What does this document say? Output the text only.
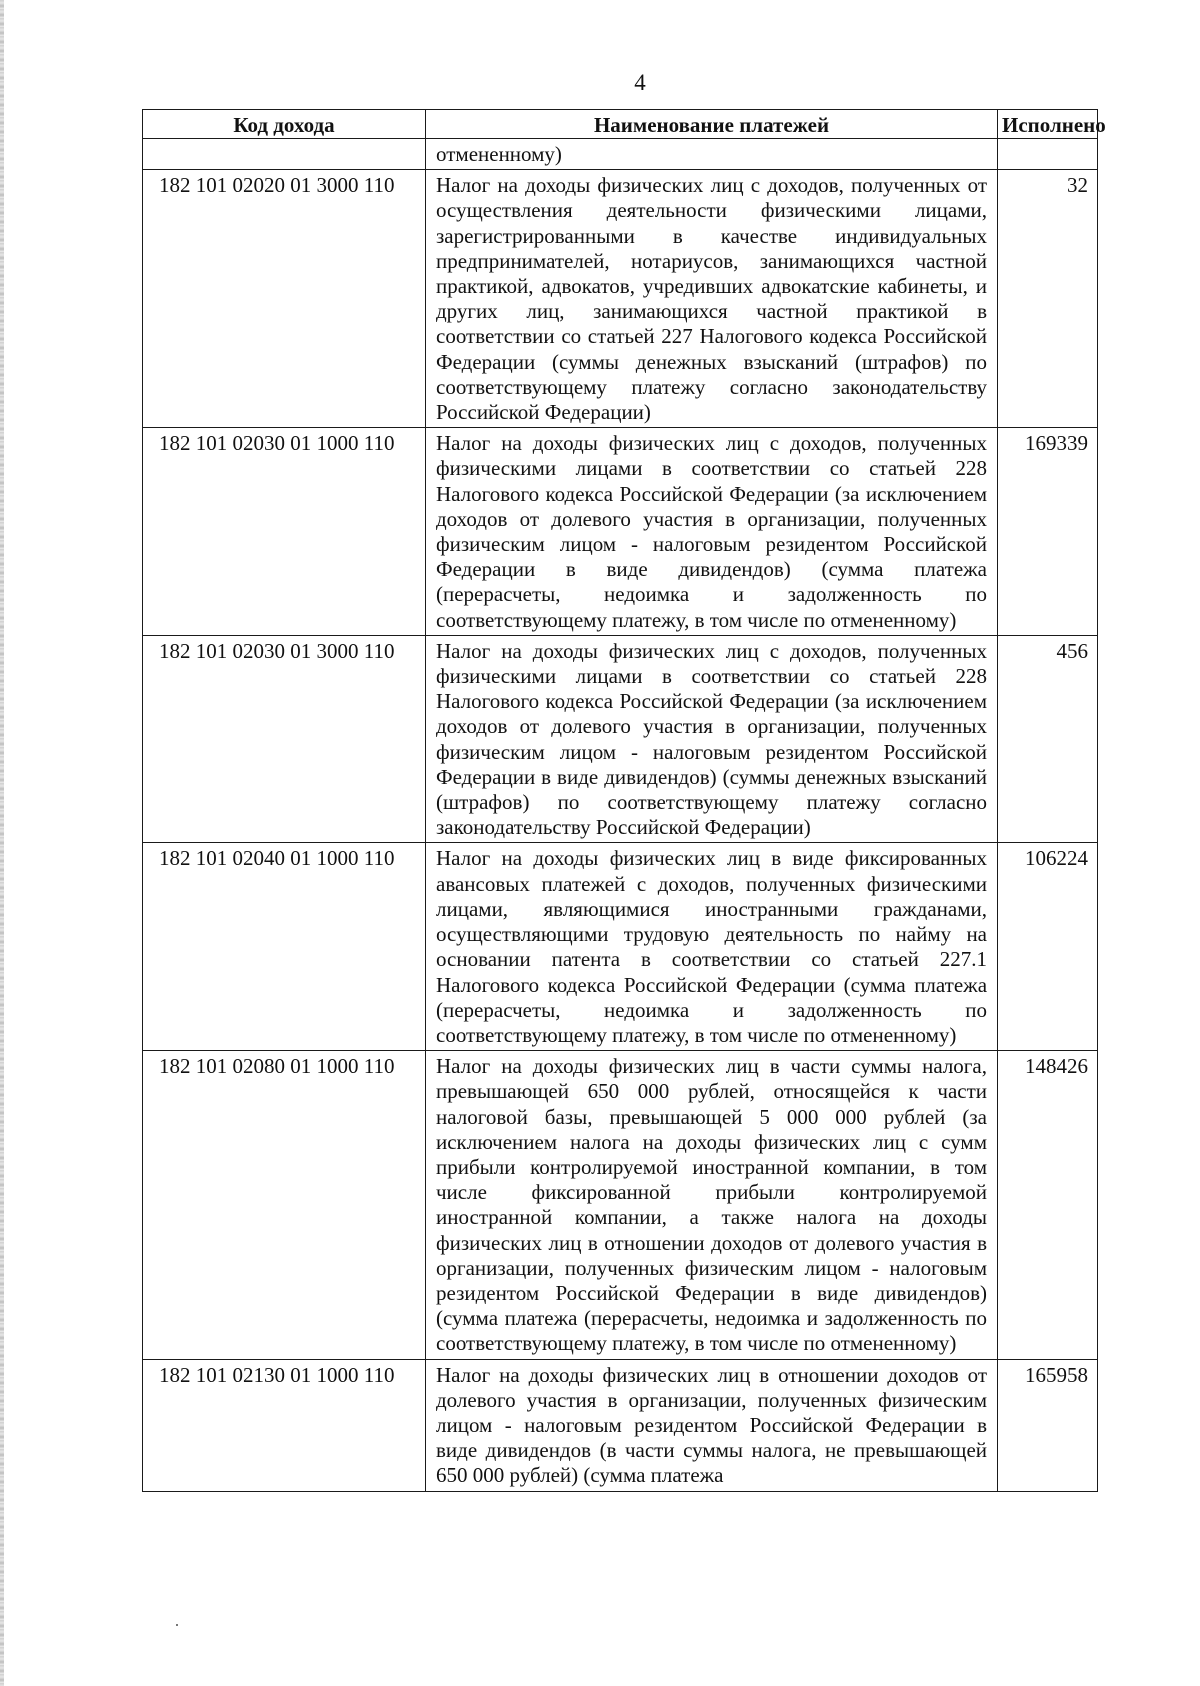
4
Код дохода	Наименование платежей	Исполнено
	отмененному)	
182 101 02020 01 3000 110	Налог на доходы физических лиц с доходов, полученных от осуществления деятельности физическими лицами, зарегистрированными в качестве индивидуальных предпринимателей, нотариусов, занимающихся частной практикой, адвокатов, учредивших адвокатские кабинеты, и других лиц, занимающихся частной практикой в соответствии со статьей 227 Налогового кодекса Российской Федерации (суммы денежных взысканий (штрафов) по соответствующему платежу согласно законодательству Российской Федерации)	32
182 101 02030 01 1000 110	Налог на доходы физических лиц с доходов, полученных физическими лицами в соответствии со статьей 228 Налогового кодекса Российской Федерации (за исключением доходов от долевого участия в организации, полученных физическим лицом - налоговым резидентом Российской Федерации в виде дивидендов) (сумма платежа (перерасчеты, недоимка и задолженность по соответствующему платежу, в том числе по отмененному)	169339
182 101 02030 01 3000 110	Налог на доходы физических лиц с доходов, полученных физическими лицами в соответствии со статьей 228 Налогового кодекса Российской Федерации (за исключением доходов от долевого участия в организации, полученных физическим лицом - налоговым резидентом Российской Федерации в виде дивидендов) (суммы денежных взысканий (штрафов) по соответствующему платежу согласно законодательству Российской Федерации)	456
182 101 02040 01 1000 110	Налог на доходы физических лиц в виде фиксированных авансовых платежей с доходов, полученных физическими лицами, являющимися иностранными гражданами, осуществляющими трудовую деятельность по найму на основании патента в соответствии со статьей 227.1 Налогового кодекса Российской Федерации (сумма платежа (перерасчеты, недоимка и задолженность по соответствующему платежу, в том числе по отмененному)	106224
182 101 02080 01 1000 110	Налог на доходы физических лиц в части суммы налога, превышающей 650 000 рублей, относящейся к части налоговой базы, превышающей 5 000 000 рублей (за исключением налога на доходы физических лиц с сумм прибыли контролируемой иностранной компании, в том числе фиксированной прибыли контролируемой иностранной компании, а также налога на доходы физических лиц в отношении доходов от долевого участия в организации, полученных физическим лицом - налоговым резидентом Российской Федерации в виде дивидендов) (сумма платежа (перерасчеты, недоимка и задолженность по соответствующему платежу, в том числе по отмененному)	148426
182 101 02130 01 1000 110	Налог на доходы физических лиц в отношении доходов от долевого участия в организации, полученных физическим лицом - налоговым резидентом Российской Федерации в виде дивидендов (в части суммы налога, не превышающей 650 000 рублей) (сумма платежа	165958
